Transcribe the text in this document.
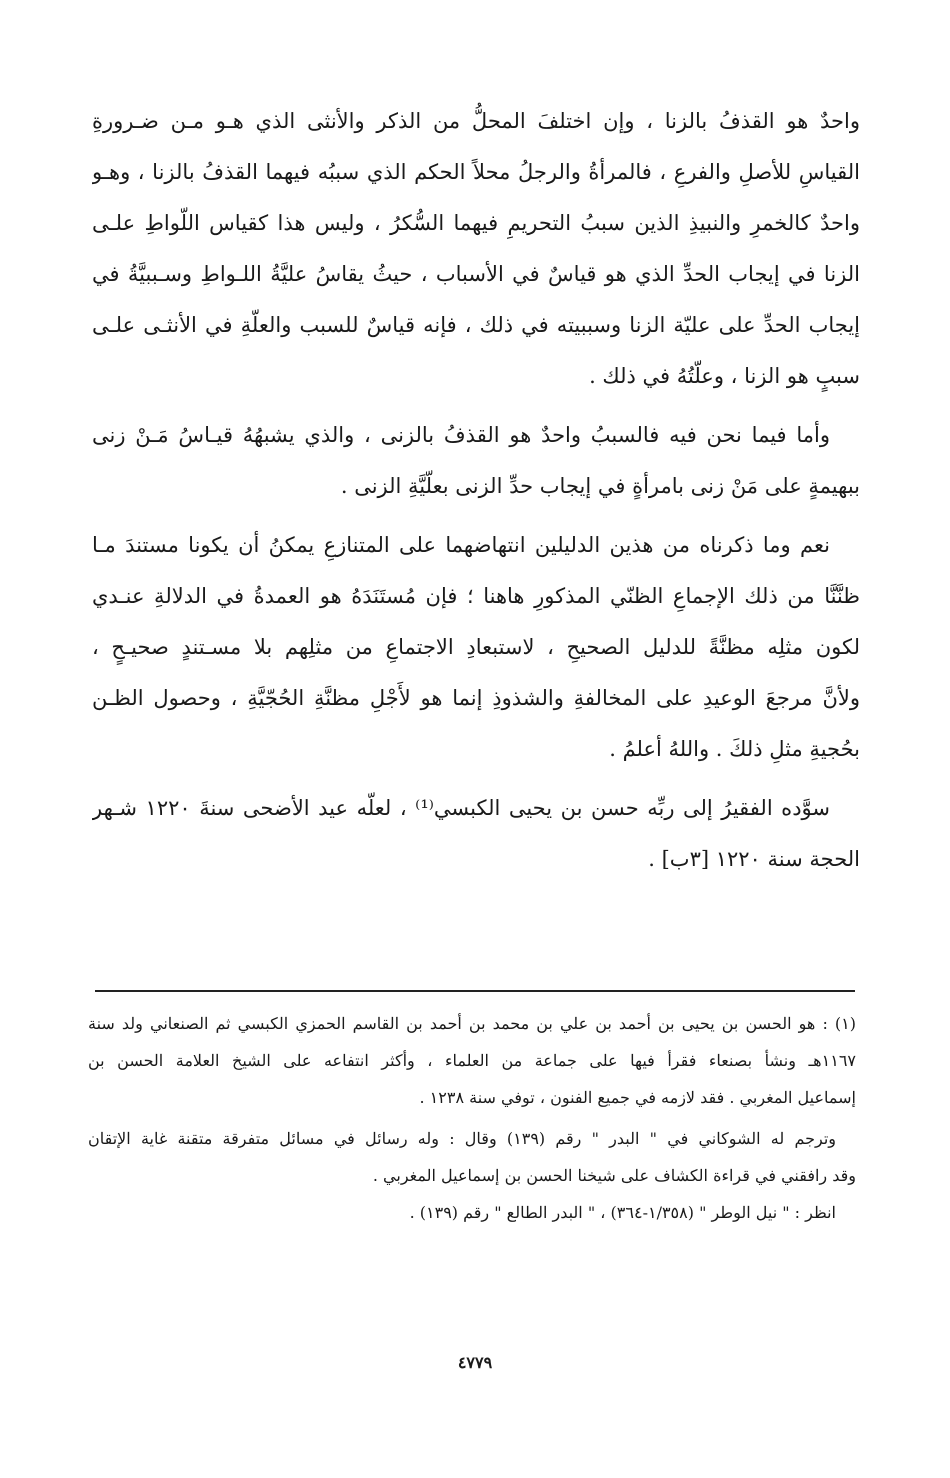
واحدٌ هو القذفُ بالزنا ، وإن اختلفَ المحلُّ من الذكر والأنثى الذي هـو مـن ضـرورةِ
القياسِ للأصلِ والفرعِ ، فالمرأةُ والرجلُ محلاً الحكم الذي سببُه فيهما القذفُ بالزنا ، وهـو
واحدٌ كالخمرِ والنبيذِ الذين سببُ التحريمِ فيهما السُّكرُ ، وليس هذا كقياس اللّواطِ علـى
الزنا في إيجاب الحدِّ الذي هو قياسٌ في الأسباب ، حيثُ يقاسُ عليَّةُ اللـواطِ وسـببيَّةُ في
إيجاب الحدِّ على عليّة الزنا وسببيته في ذلك ، فإنه قياسٌ للسبب والعلّةِ في الأنثـى علـى
سببٍ هو الزنا ، وعلّتُهُ في ذلك .
وأما فيما نحن فيه فالسببُ واحدٌ هو القذفُ بالزنى ، والذي يشبهُهُ قيـاسُ مَـنْ زنى
ببهيمةٍ على مَنْ زنى بامرأةٍ في إيجاب حدِّ الزنى بعلّيَّةِ الزنى .
نعم وما ذكرناه من هذين الدليلين انتهاضهما على المتنازعِ يمكنُ أن يكونا مستندَ مـا
ظنَّنَّا من ذلك الإجماعِ الظنّي المذكورِ هاهنا ؛ فإن مُستَنَدَهُ هو العمدةُ في الدلالةِ عنـدي
لكون مثلِه مظنَّةً للدليل الصحيحِ ، لاستبعادِ الاجتماعِ من مثلِهم بلا مسـتندٍ صحيـحٍ ،
ولأنَّ مرجعَ الوعيدِ على المخالفةِ والشذوذِ إنما هو لأَجْلِ مظنَّةِ الحُجّيَّةِ ، وحصول الظـن
بحُجيةِ مثلِ ذلكَ . واللهُ أعلمُ .
سوَّده الفقيرُ إلى ربِّه حسن بن يحيى الكبسي⁽¹⁾ ، لعلّه عيد الأضحى سنةَ ١٢٢٠ شـهر
الحجة سنة ١٢٢٠ [٣ب] .
(١) : هو الحسن بن يحيى بن أحمد بن علي بن محمد بن أحمد بن القاسم الحمزي الكبسي ثم الصنعاني ولد سنة
١١٦٧هـ ونشأ بصنعاء فقرأ فيها على جماعة من العلماء ، وأكثر انتفاعه على الشيخ العلامة الحسن بن
إسماعيل المغربي . فقد لازمه في جميع الفنون ، توفي سنة ١٢٣٨ .
وترجم له الشوكاني في " البدر " رقم (١٣٩) وقال : وله رسائل في مسائل متفرقة متقنة غاية الإتقان
وقد رافقني في قراءة الكشاف على شيخنا الحسن بن إسماعيل المغربي .
انظر : " نيل الوطر " (١/٣٥٨-٣٦٤) ، " البدر الطالع " رقم (١٣٩) .
٤٧٧٩
